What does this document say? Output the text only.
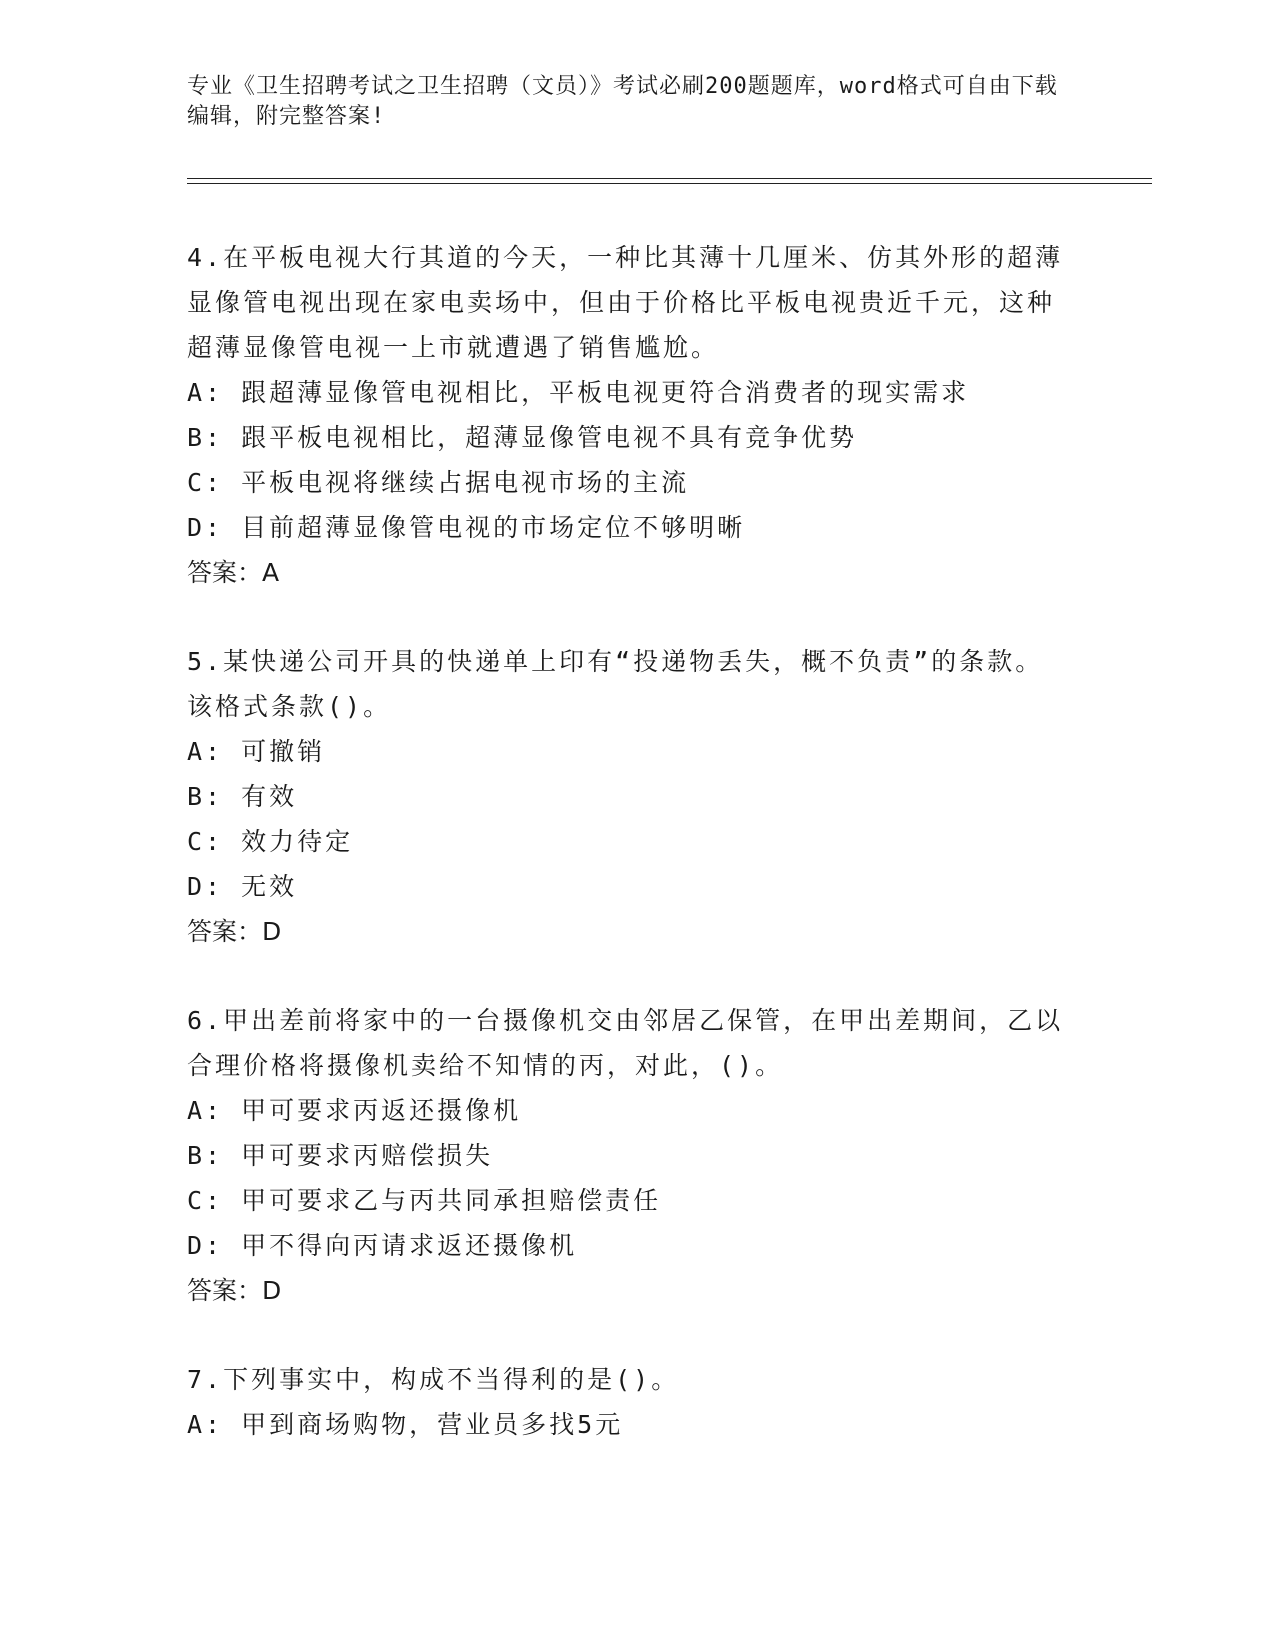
专业《卫生招聘考试之卫生招聘（文员）》考试必刷200题题库，word格式可自由下载编辑，附完整答案!

4.在平板电视大行其道的今天，一种比其薄十几厘米、仿其外形的超薄显像管电视出现在家电卖场中，但由于价格比平板电视贵近千元，这种超薄显像管电视一上市就遭遇了销售尴尬。

A: 跟超薄显像管电视相比，平板电视更符合消费者的现实需求

B: 跟平板电视相比，超薄显像管电视不具有竞争优势

C: 平板电视将继续占据电视市场的主流

D: 目前超薄显像管电视的市场定位不够明晰

答案：A

5.某快递公司开具的快递单上印有“投递物丢失，概不负责”的条款。该格式条款()。

A: 可撤销

B: 有效

C: 效力待定

D: 无效

答案：D

6.甲出差前将家中的一台摄像机交由邻居乙保管，在甲出差期间，乙以合理价格将摄像机卖给不知情的丙，对此，()。

A: 甲可要求丙返还摄像机

B: 甲可要求丙赔偿损失

C: 甲可要求乙与丙共同承担赔偿责任

D: 甲不得向丙请求返还摄像机

答案：D

7.下列事实中，构成不当得利的是()。

A: 甲到商场购物，营业员多找5元
